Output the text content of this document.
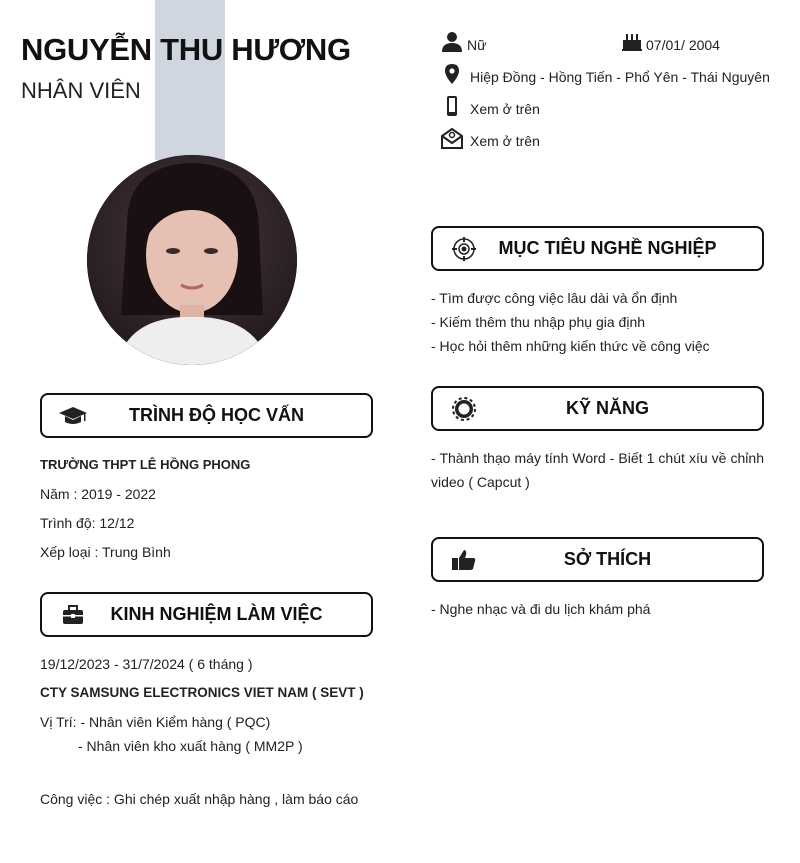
NGUYỄN THU HƯƠNG
NHÂN VIÊN
Nữ	07/01/ 2004
Hiệp Đồng - Hồng Tiến - Phổ Yên - Thái Nguyên
Xem ở trên
Xem ở trên
TRÌNH ĐỘ HỌC VẤN
TRƯỜNG THPT LÊ HỒNG PHONG
Năm : 2019 - 2022
Trình độ: 12/12
Xếp loại : Trung Bình
KINH NGHIỆM LÀM VIỆC
19/12/2023 - 31/7/2024 ( 6 tháng )
CTY SAMSUNG ELECTRONICS VIET NAM ( SEVT )
Vị Trí: - Nhân viên Kiểm hàng ( PQC)
- Nhân viên kho xuất hàng ( MM2P )
Công việc : Ghi chép xuất nhập hàng , làm báo cáo
MỤC TIÊU NGHỀ NGHIỆP
- Tìm được công việc lâu dài và ổn định
- Kiếm thêm thu nhập phụ gia định
- Học hỏi thêm những kiến thức về công việc
KỸ NĂNG
- Thành thạo máy tính Word - Biết 1 chút xíu về chỉnh
video ( Capcut )
SỞ THÍCH
- Nghe nhạc và đi du lịch khám phá
